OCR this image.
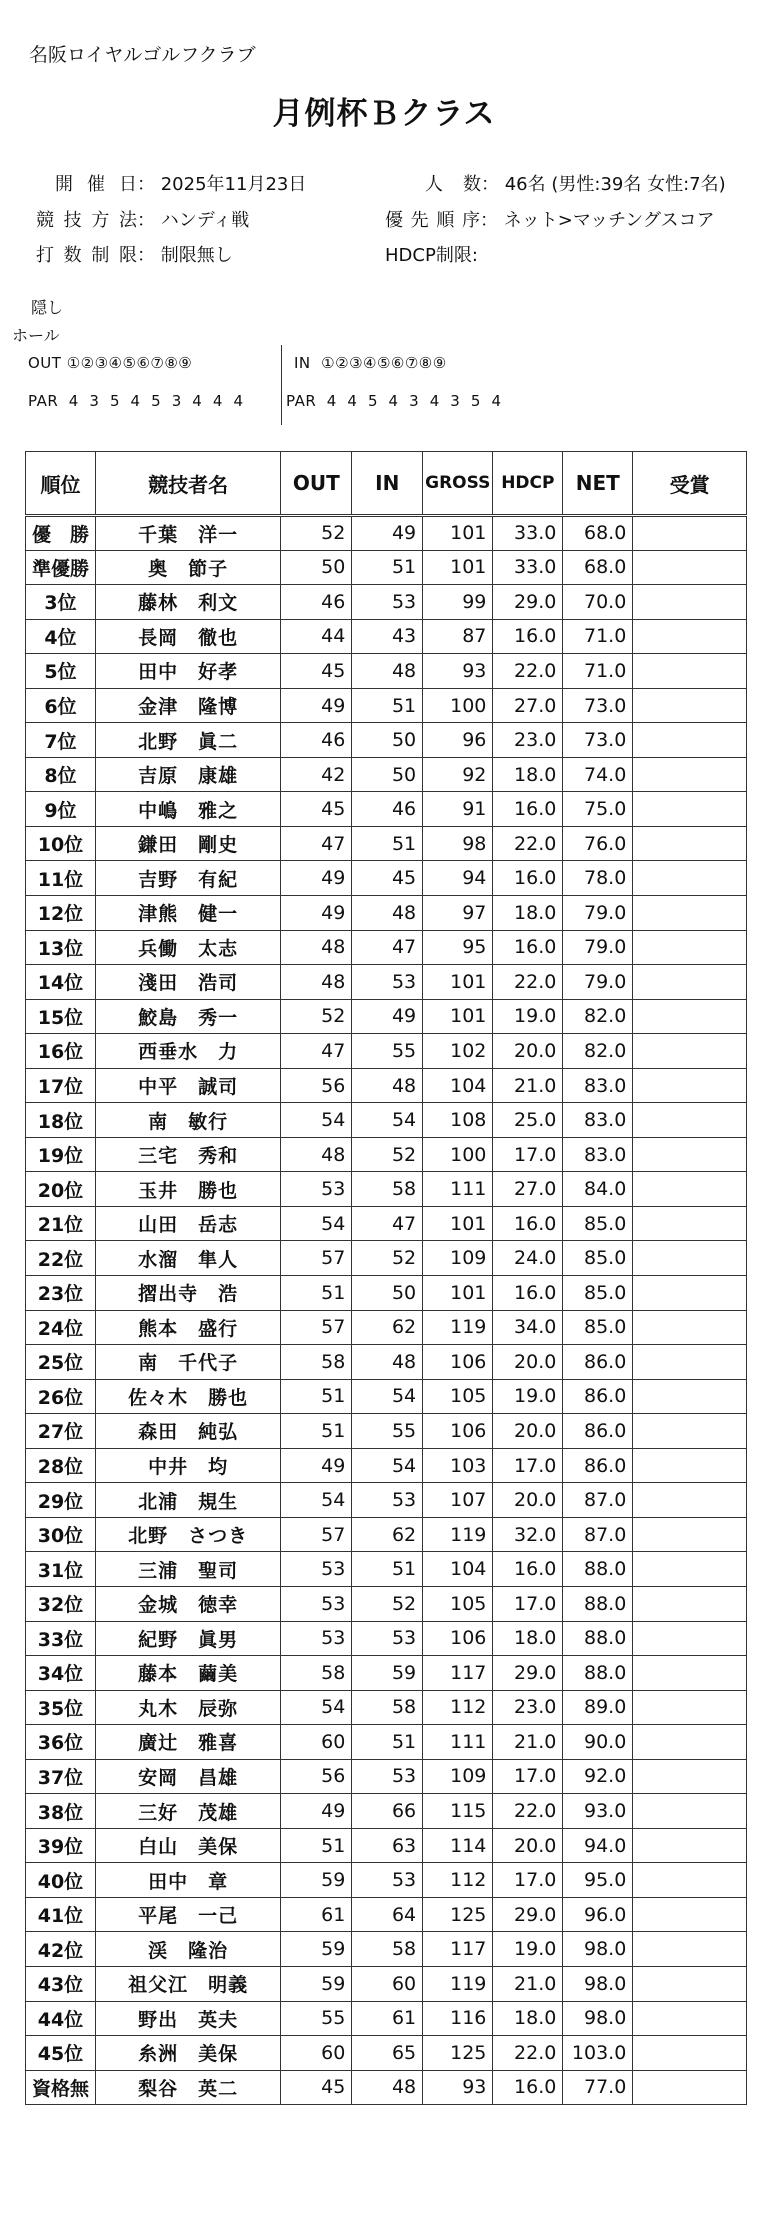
名阪ロイヤルゴルフクラブ
月例杯Ｂクラス
開催日： 2025年11月23日
競技方法： ハンディ戦
打数制限： 制限無し
人数： 46名 (男性:39名 女性:7名)
優先順序： ネット>マッチングスコア
HDCP制限:
隠し
ホール
OUT ①②③④⑤⑥⑦⑧⑨	IN  ①②③④⑤⑥⑦⑧⑨
PAR  4  3  5  4  5  3  4  4  4	PAR  4  4  5  4  3  4  3  5  4
順位	競技者名	OUT	IN	GROSS	HDCP	NET	受賞
優　勝	千葉　洋一	52	49	101	33.0	68.0	
準優勝	奥　節子	50	51	101	33.0	68.0	
3位	藤林　利文	46	53	99	29.0	70.0	
4位	長岡　徹也	44	43	87	16.0	71.0	
5位	田中　好孝	45	48	93	22.0	71.0	
6位	金津　隆博	49	51	100	27.0	73.0	
7位	北野　眞二	46	50	96	23.0	73.0	
8位	吉原　康雄	42	50	92	18.0	74.0	
9位	中嶋　雅之	45	46	91	16.0	75.0	
10位	鎌田　剛史	47	51	98	22.0	76.0	
11位	吉野　有紀	49	45	94	16.0	78.0	
12位	津熊　健一	49	48	97	18.0	79.0	
13位	兵働　太志	48	47	95	16.0	79.0	
14位	淺田　浩司	48	53	101	22.0	79.0	
15位	鮫島　秀一	52	49	101	19.0	82.0	
16位	西垂水　力	47	55	102	20.0	82.0	
17位	中平　誠司	56	48	104	21.0	83.0	
18位	南　敏行	54	54	108	25.0	83.0	
19位	三宅　秀和	48	52	100	17.0	83.0	
20位	玉井　勝也	53	58	111	27.0	84.0	
21位	山田　岳志	54	47	101	16.0	85.0	
22位	水溜　隼人	57	52	109	24.0	85.0	
23位	摺出寺　浩	51	50	101	16.0	85.0	
24位	熊本　盛行	57	62	119	34.0	85.0	
25位	南　千代子	58	48	106	20.0	86.0	
26位	佐々木　勝也	51	54	105	19.0	86.0	
27位	森田　純弘	51	55	106	20.0	86.0	
28位	中井　均	49	54	103	17.0	86.0	
29位	北浦　規生	54	53	107	20.0	87.0	
30位	北野　さつき	57	62	119	32.0	87.0	
31位	三浦　聖司	53	51	104	16.0	88.0	
32位	金城　徳幸	53	52	105	17.0	88.0	
33位	紀野　眞男	53	53	106	18.0	88.0	
34位	藤本　繭美	58	59	117	29.0	88.0	
35位	丸木　辰弥	54	58	112	23.0	89.0	
36位	廣辻　雅喜	60	51	111	21.0	90.0	
37位	安岡　昌雄	56	53	109	17.0	92.0	
38位	三好　茂雄	49	66	115	22.0	93.0	
39位	白山　美保	51	63	114	20.0	94.0	
40位	田中　章	59	53	112	17.0	95.0	
41位	平尾　一己	61	64	125	29.0	96.0	
42位	渓　隆治	59	58	117	19.0	98.0	
43位	祖父江　明義	59	60	119	21.0	98.0	
44位	野出　英夫	55	61	116	18.0	98.0	
45位	糸洲　美保	60	65	125	22.0	103.0	
資格無	梨谷　英二	45	48	93	16.0	77.0	
